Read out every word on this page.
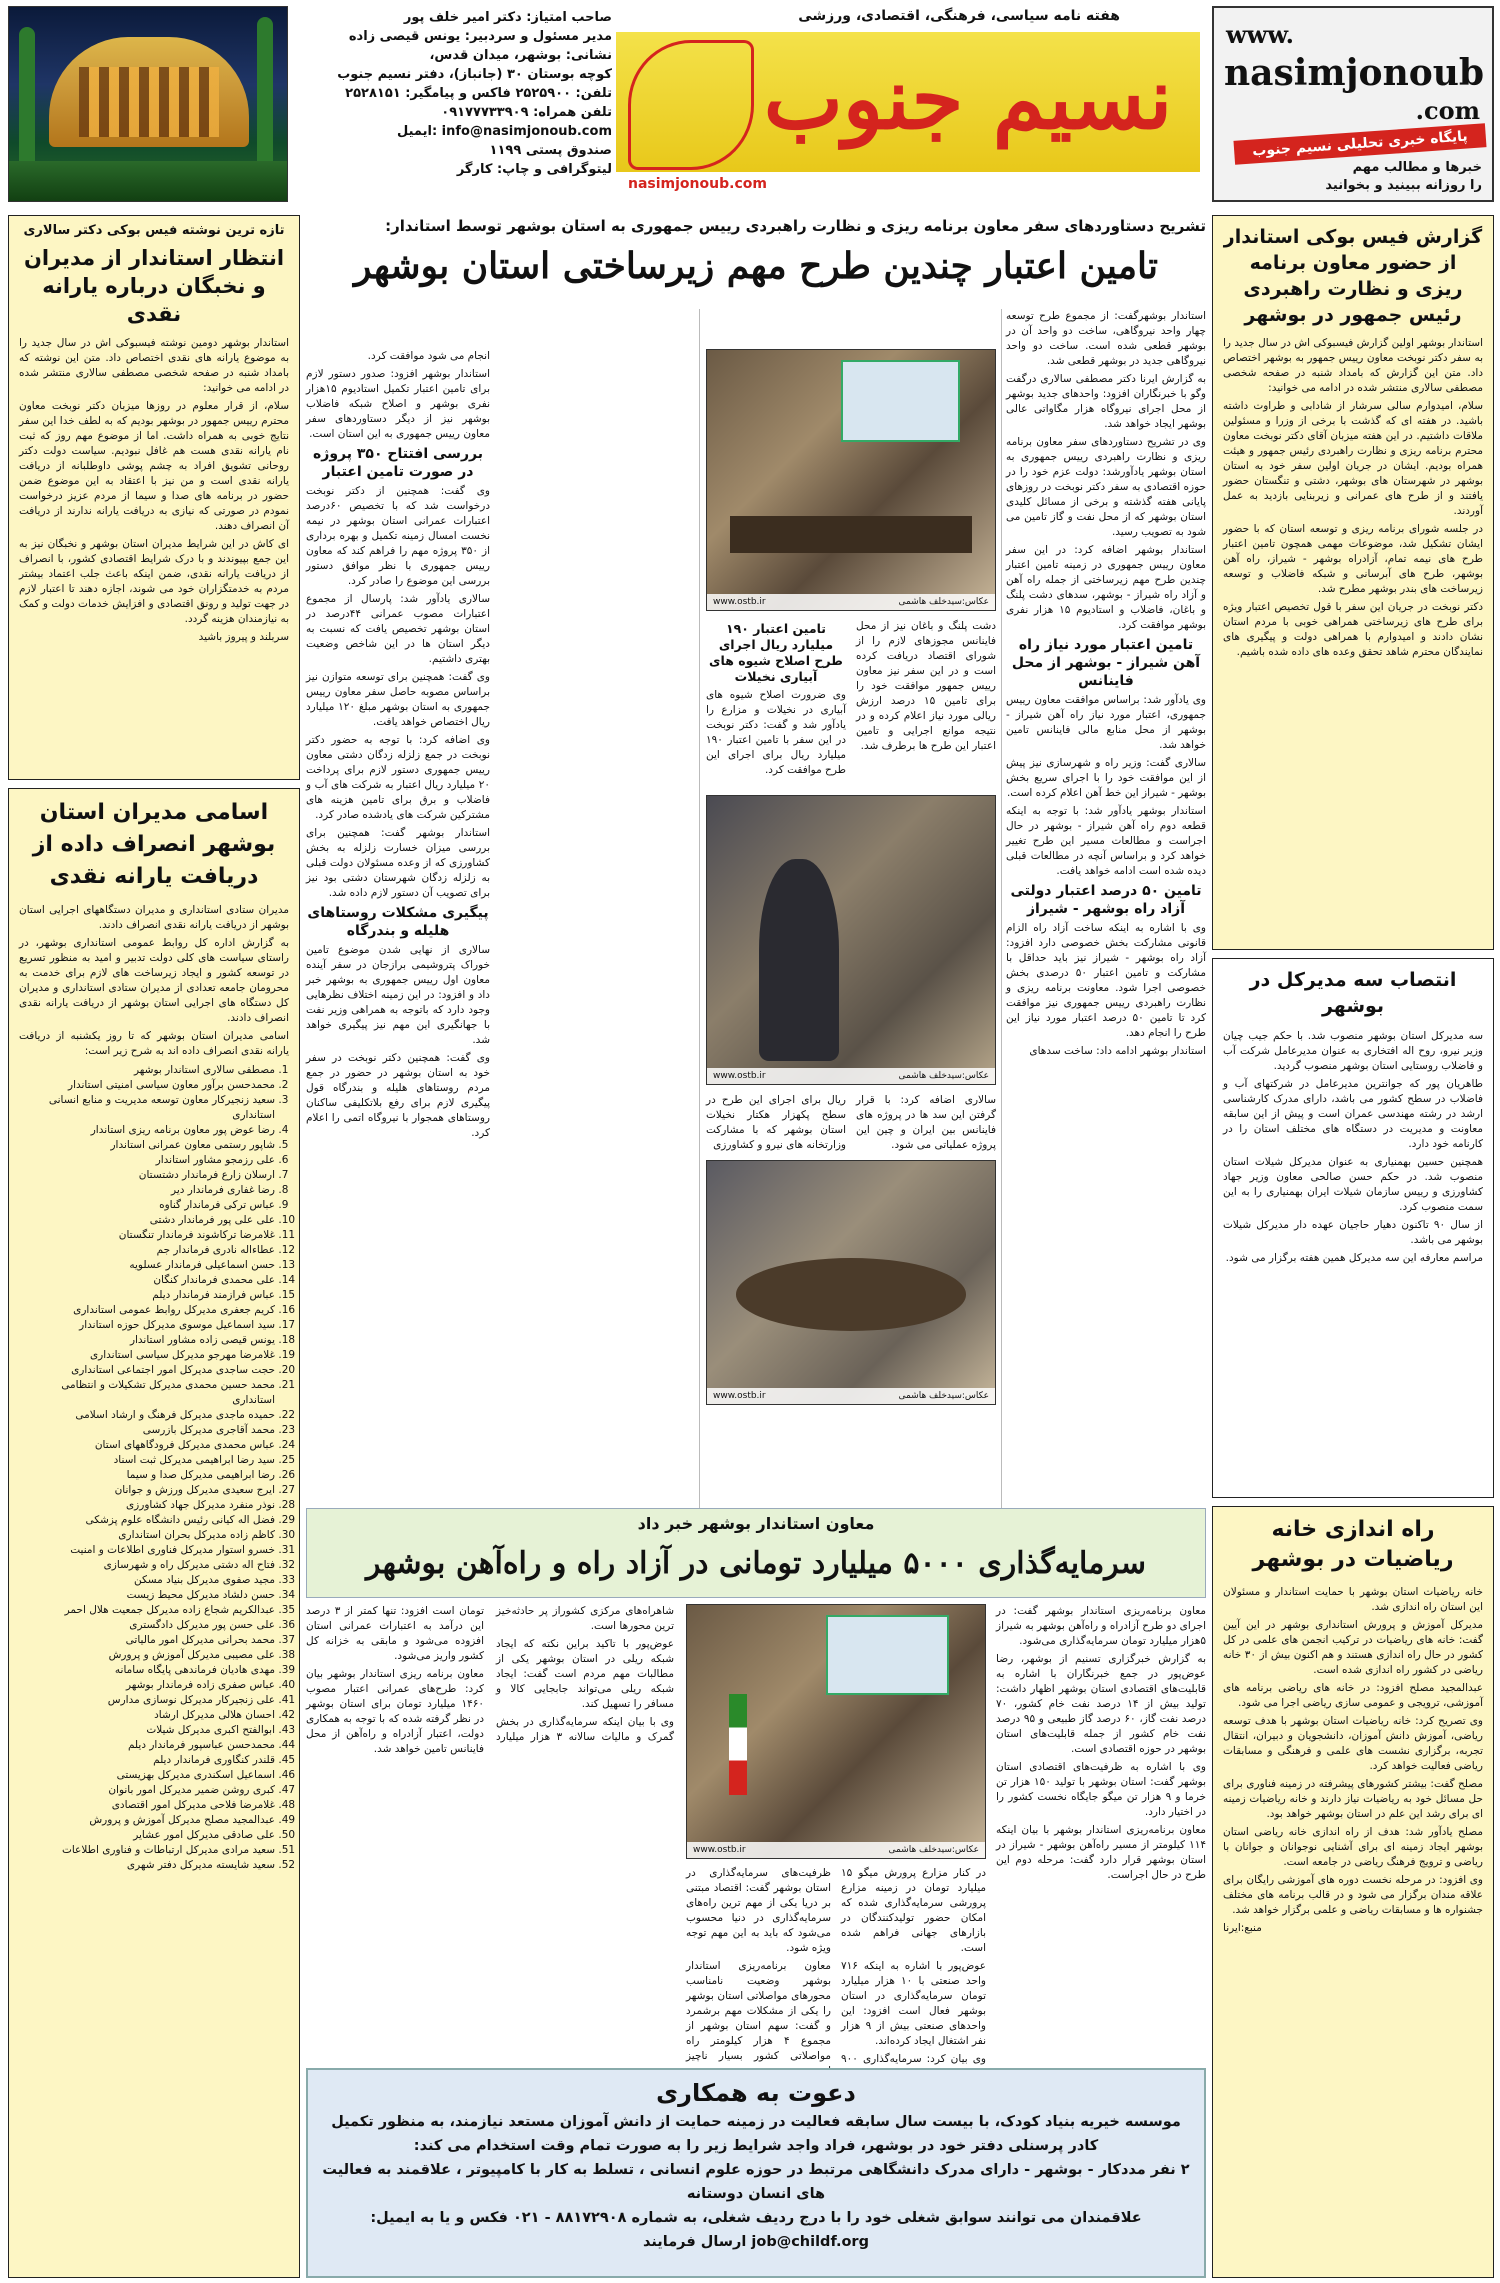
صاحب امتیاز: دکتر امیر خلف پور
مدیر مسئول و سردبیر: یونس قیصی زاده
نشانی: بوشهر، میدان قدس،
کوچه بوستان ۳۰ (جانباز)، دفتر نسیم جنوب
تلفن: ۲۵۲۵۹۰۰ فاکس و پیامگیر: ۲۵۲۸۱۵۱
تلفن همراه: ۰۹۱۷۷۷۳۳۹۰۹
info@nasimjonoub.com :ایمیل
صندوق پستی ۱۱۹۹
لیتوگرافی و چاپ: کارگر
هفته نامه سیاسی، فرهنگی، اقتصادی، ورزشی
نسیم جنوب
nasimjonoub.com
www.
nasimjonoub
.com
پایگاه خبری تحلیلی نسیم جنوب
خبرها و مطالب مهم
را روزانه ببینید و بخوانید
گزارش فیس بوکی استاندار از حضور معاون برنامه ریزی و نظارت راهبردی رئیس جمهور در بوشهر

استاندار بوشهر اولین گزارش فیسبوکی اش در سال جدید را به سفر دکتر نوبخت معاون رییس جمهور به بوشهر اختصاص داد. متن این گزارش که بامداد شنبه در صفحه شخصی مصطفی سالاری منتشر شده در ادامه می خوانید:

سلام، امیدوارم سالی سرشار از شادابی و طراوت داشته باشید. در هفته ای که گذشت با برخی از وزرا و مسئولین ملاقات داشتیم. در این هفته میزبان آقای دکتر نوبخت معاون محترم برنامه ریزی و نظارت راهبردی رئیس جمهور و هیئت همراه بودیم. ایشان در جریان اولین سفر خود به استان بوشهر در شهرستان های بوشهر، دشتی و تنگستان حضور یافتند و از طرح های عمرانی و زیربنایی بازدید به عمل آوردند.

در جلسه شورای برنامه ریزی و توسعه استان که با حضور ایشان تشکیل شد، موضوعات مهمی همچون تامین اعتبار طرح های نیمه تمام، آزادراه بوشهر - شیراز، راه آهن بوشهر، طرح های آبرسانی و شبکه فاضلاب و توسعه زیرساخت های بندر بوشهر مطرح شد.

دکتر نوبخت در جریان این سفر با قول تخصیص اعتبار ویژه برای طرح های زیرساختی همراهی خوبی با مردم استان نشان دادند و امیدوارم با همراهی دولت و پیگیری های نمایندگان محترم شاهد تحقق وعده های داده شده باشیم.

انتصاب سه مدیرکل در بوشهر

سه مدیرکل استان بوشهر منصوب شد. با حکم جیب چیان وزیر نیرو، روح اله افتخاری به عنوان مدیرعامل شرکت آب و فاضلاب روستایی استان بوشهر منصوب گردید.

طاهریان پور که جوانترین مدیرعامل در شرکتهای آب و فاضلاب در سطح کشور می باشد، دارای مدرک کارشناسی ارشد در رشته مهندسی عمران است و پیش از این سابقه معاونت و مدیریت در دستگاه های مختلف استان را در کارنامه خود دارد.

همچنین حسین بهمنیاری به عنوان مدیرکل شیلات استان منصوب شد. در حکم حسن صالحی معاون وزیر جهاد کشاورزی و رییس سازمان شیلات ایران بهمنیاری را به این سمت منصوب کرد.

از سال ۹۰ تاکنون دهیار حاجیان عهده دار مدیرکل شیلات بوشهر می باشد.

مراسم معارفه این سه مدیرکل همین هفته برگزار می شود.

راه اندازی خانه ریاضیات در بوشهر

خانه ریاضیات استان بوشهر با حمایت استاندار و مسئولان این استان راه اندازی شد.

مدیرکل آموزش و پرورش استانداری بوشهر در این آیین گفت: خانه های ریاضیات در ترکیب انجمن های علمی در کل کشور در حال راه اندازی هستند و هم اکنون بیش از ۳۰ خانه ریاضی در کشور راه اندازی شده است.

عبدالمجید مصلح افزود: در خانه های ریاضی برنامه های آموزشی، ترویجی و عمومی سازی ریاضی اجرا می شود.

وی تصریح کرد: خانه ریاضیات استان بوشهر با هدف توسعه ریاضی، آموزش دانش آموزان، دانشجویان و دبیران، انتقال تجربه، برگزاری نشست های علمی و فرهنگی و مسابقات ریاضی فعالیت خواهد کرد.

مصلح گفت: بیشتر کشورهای پیشرفته در زمینه فناوری برای حل مسائل خود به ریاضیات نیاز دارند و خانه ریاضیات زمینه ای برای رشد این علم در استان بوشهر خواهد بود.

مصلح یادآور شد: هدف از راه اندازی خانه ریاضی استان بوشهر ایجاد زمینه ای برای آشنایی نوجوانان و جوانان با ریاضی و ترویج فرهنگ ریاضی در جامعه است.

وی افزود: در مرحله نخست دوره های آموزشی رایگان برای علاقه مندان برگزار می شود و در قالب برنامه های مختلف جشنواره ها و مسابقات ریاضی و علمی برگزار خواهد شد.

منبع:ایرنا

تازه ترین نوشته فیس بوکی دکتر سالاری
انتظار استاندار از مدیران و نخبگان درباره یارانه نقدی

استاندار بوشهر دومین نوشته فیسبوکی اش در سال جدید را به موضوع یارانه های نقدی اختصاص داد. متن این نوشته که بامداد شنبه در صفحه شخصی مصطفی سالاری منتشر شده در ادامه می خوانید:

سلام، از قرار معلوم در روزها میزبان دکتر نوبخت معاون محترم رییس جمهور در بوشهر بودیم که به لطف خدا این سفر نتایج خوبی به همراه داشت. اما از موضوع مهم روز که ثبت نام یارانه نقدی هست هم غافل نبودیم. سیاست دولت دکتر روحانی تشویق افراد به چشم پوشی داوطلبانه از دریافت یارانه نقدی است و من نیز با اعتقاد به این موضوع ضمن حضور در برنامه های صدا و سیما از مردم عزیز درخواست نمودم در صورتی که نیازی به دریافت یارانه ندارند از دریافت آن انصراف دهند.

ای کاش در این شرایط مدیران استان بوشهر و نخبگان نیز به این جمع بپیوندند و با درک شرایط اقتصادی کشور، با انصراف از دریافت یارانه نقدی، ضمن اینکه باعث جلب اعتماد بیشتر مردم به خدمتگزاران خود می شوند، اجازه دهند تا اعتبار لازم در جهت تولید و رونق اقتصادی و افزایش خدمات دولت و کمک به نیازمندان هزینه گردد.

سربلند و پیروز باشید

اسامی مدیران استان بوشهر انصراف داده از دریافت یارانه نقدی

مدیران ستادی استانداری و مدیران دستگاههای اجرایی استان بوشهر از دریافت یارانه نقدی انصراف دادند.

به گزارش اداره کل روابط عمومی استانداری بوشهر، در راستای سیاست های کلی دولت تدبیر و امید به منظور تسریع در توسعه کشور و ایجاد زیرساخت های لازم برای خدمت به محرومان جامعه تعدادی از مدیران ستادی استانداری و مدیران کل دستگاه های اجرایی استان بوشهر از دریافت یارانه نقدی انصراف دادند.

اسامی مدیران استان بوشهر که تا روز یکشنبه از دریافت یارانه نقدی انصراف داده اند به شرح زیر است:

1. مصطفی سالاری استاندار بوشهر
2. محمدحسن برآور معاون سیاسی امنیتی استاندار
3. سعید زنجیرکار معاون توسعه مدیریت و منابع انسانی استانداری
4. رضا عوض پور معاون برنامه ریزی استاندار
5. شاپور رستمی معاون عمرانی استاندار
6. علی رزمجو مشاور استاندار
7. ارسلان زارع فرماندار دشتستان
8. رضا غفاری فرماندار دیر
9. عباس ترکی فرماندار گناوه
10. علی علی پور فرماندار دشتی
11. غلامرضا ترکاشوند فرماندار تنگستان
12. عطاءاله نادری فرماندار جم
13. حسن اسماعیلی فرماندار عسلویه
14. علی محمدی فرماندار کنگان
15. عباس فرازمند فرماندار دیلم
16. کریم جعفری مدیرکل روابط عمومی استانداری
17. سید اسماعیل موسوی مدیرکل حوزه استاندار
18. یونس قیصی زاده مشاور استاندار
19. غلامرضا مهرجو مدیرکل سیاسی استانداری
20. حجت ساجدی مدیرکل امور اجتماعی استانداری
21. محمد حسین محمدی مدیرکل تشکیلات و انتظامی استانداری
22. حمیده ماجدی مدیرکل فرهنگ و ارشاد اسلامی
23. محمد آقاجری مدیرکل بازرسی
24. عباس محمدی مدیرکل فرودگاههای استان
25. سید رضا ابراهیمی مدیرکل ثبت اسناد
26. رضا ابراهیمی مدیرکل صدا و سیما
27. ایرج سعیدی مدیرکل ورزش و جوانان
28. نوذر منفرد مدیرکل جهاد کشاورزی
29. فضل اله کیانی رئیس دانشگاه علوم پزشکی
30. کاظم زاده مدیرکل بحران استانداری
31. خسرو استوار مدیرکل فناوری اطلاعات و امنیت
32. فتاح اله دشتی مدیرکل راه و شهرسازی
33. مجید صفوی مدیرکل بنیاد مسکن
34. حسن دلشاد مدیرکل محیط زیست
35. عبدالکریم شجاع زاده مدیرکل جمعیت هلال احمر
36. علی حسن پور مدیرکل دادگستری
37. محمد بحرانی مدیرکل امور مالیاتی
38. علی مصیبی مدیرکل آموزش و پرورش
39. مهدی هادیان فرماندهی پایگاه سامانه
40. عباس صفری زاده فرماندار بوشهر
41. علی زنجیرکار مدیرکل نوسازی مدارس
42. احسان هلالی مدیرکل ارشاد
43. ابوالفتح اکبری مدیرکل شیلات
44. محمدحسن عباسپور فرماندار دیلم
45. قلندر کنگاوری فرماندار دیلم
46. اسماعیل اسکندری مدیرکل بهزیستی
47. کبری روشن ضمیر مدیرکل امور بانوان
48. غلامرضا فلاحی مدیرکل امور اقتصادی
49. عبدالمجید مصلح مدیرکل آموزش و پرورش
50. علی صادقی مدیرکل امور عشایر
51. سعید مرادی مدیرکل ارتباطات و فناوری اطلاعات
52. سعید شایسته مدیرکل دفتر شهری
تشریح دستاوردهای سفر معاون برنامه ریزی و نظارت راهبردی رییس جمهوری به استان بوشهر توسط استاندار:
تامین اعتبار چندین طرح مهم زیرساختی استان بوشهر

استاندار بوشهرگفت: از مجموع طرح توسعه چهار واحد نیروگاهی، ساخت دو واحد آن در بوشهر قطعی شده است. ساخت دو واحد نیروگاهی جدید در بوشهر قطعی شد.

به گزارش ایرنا دکتر مصطفی سالاری درگفت وگو با خبرنگاران افزود: واحدهای جدید بوشهر از محل اجرای نیروگاه هزار مگاواتی عالی بوشهر ایجاد خواهد شد.

وی در تشریح دستاوردهای سفر معاون برنامه ریزی و نظارت راهبردی رییس جمهوری به استان بوشهر یادآورشد: دولت عزم خود را در حوزه اقتصادی به سفر دکتر نوبخت در روزهای پایانی هفته گذشته و برخی از مسائل کلیدی استان بوشهر که از محل نفت و گاز تامین می شود به تصویب رسید.

استاندار بوشهر اضافه کرد: در این سفر معاون رییس جمهوری در زمینه تامین اعتبار چندین طرح مهم زیرساختی از جمله راه آهن و آزاد راه شیراز - بوشهر، سدهای دشت پلنگ و باغان، فاضلاب و استادیوم ۱۵ هزار نفری بوشهر موافقت کرد.

تامین اعتبار مورد نیاز راه آهن شیراز - بوشهر از محل فاینانس

وی یادآور شد: براساس موافقت معاون رییس جمهوری، اعتبار مورد نیاز راه آهن شیراز - بوشهر از محل منابع مالی فاینانس تامین خواهد شد.

سالاری گفت: وزیر راه و شهرسازی نیز پیش از این موافقت خود را با اجرای سریع بخش بوشهر - شیراز این خط آهن اعلام کرده است.

استاندار بوشهر یادآور شد: با توجه به اینکه قطعه دوم راه آهن شیراز - بوشهر در حال اجراست و مطالعات مسیر این طرح تغییر خواهد کرد و براساس آنچه در مطالعات قبلی دیده شده است ادامه خواهد یافت.

تامین ۵۰ درصد اعتبار دولتی آزاد راه بوشهر - شیراز

وی با اشاره به اینکه ساخت آزاد راه الزام قانونی مشارکت بخش خصوصی دارد افزود: آزاد راه بوشهر - شیراز نیز باید حداقل با مشارکت و تامین اعتبار ۵۰ درصدی بخش خصوصی اجرا شود. معاونت برنامه ریزی و نظارت راهبردی رییس جمهوری نیز موافقت کرد تا تامین ۵۰ درصد اعتبار مورد نیاز این طرح را انجام دهد.

استاندار بوشهر ادامه داد: ساخت سدهای

عکاس:سیدخلف هاشمی
www.ostb.ir

دشت پلنگ و باغان نیز از محل فاینانس مجوزهای لازم را از شورای اقتصاد دریافت کرده است و در این سفر نیز معاون رییس جمهور موافقت خود را برای تامین ۱۵ درصد ارزش ریالی مورد نیاز اعلام کرده و در نتیجه موانع اجرایی و تامین اعتبار این طرح ها برطرف شد.

تامین اعتبار ۱۹۰ میلیارد ریال اجرای طرح اصلاح شیوه های آبیاری نخیلات

وی ضرورت اصلاح شیوه های آبیاری در نخیلات و مزارع را یادآور شد و گفت: دکتر نوبخت در این سفر با تامین اعتبار ۱۹۰ میلیارد ریال برای اجرای این طرح موافقت کرد.

عکاس:سیدخلف هاشمی
www.ostb.ir

سالاری اضافه کرد: با قرار گرفتن این سد ها در پروژه های فاینانس بین ایران و چین این پروژه عملیاتی می شود.

ریال برای اجرای این طرح در سطح پکهزار هکتار نخیلات استان بوشهر که با مشارکت وزارتخانه های نیرو و کشاورزی

عکاس:سیدخلف هاشمی
www.ostb.ir

انجام می شود موافقت کرد.

استاندار بوشهر افزود: صدور دستور لازم برای تامین اعتبار تکمیل استادیوم ۱۵هزار نفری بوشهر و اصلاح شبکه فاضلاب بوشهر نیز از دیگر دستاوردهای سفر معاون رییس جمهوری به این استان است.

بررسی افتتاح ۳۵۰ پروژه در صورت تامین اعتبار

وی گفت: همچنین از دکتر نوبخت درخواست شد که با تخصیص ۶۰درصد اعتبارات عمرانی استان بوشهر در نیمه نخست امسال زمینه تکمیل و بهره برداری از ۳۵۰ پروژه مهم را فراهم کند که معاون رییس جمهوری با نظر موافق دستور بررسی این موضوع را صادر کرد.

سالاری یادآور شد: پارسال از مجموع اعتبارات مصوب عمرانی ۴۴درصد در استان بوشهر تخصیص یافت که نسبت به دیگر استان ها در این شاخص وضعیت بهتری داشتیم.

وی گفت: همچنین برای توسعه متوازن نیز براساس مصوبه حاصل سفر معاون رییس جمهوری به استان بوشهر مبلغ ۱۲۰ میلیارد ریال اختصاص خواهد یافت.

وی اضافه کرد: با توجه به حضور دکتر نوبخت در جمع زلزله زدگان دشتی معاون رییس جمهوری دستور لازم برای پرداخت ۲۰ میلیارد ریال اعتبار به شرکت های آب و فاضلاب و برق برای تامین هزینه های مشترکین شرکت های یادشده صادر کرد.

استاندار بوشهر گفت: همچنین برای بررسی میزان خسارت زلزله به بخش کشاورزی که از وعده مسئولان دولت قبلی به زلزله زدگان شهرستان دشتی بود نیز برای تصویب آن دستور لازم داده شد.

پیگیری مشکلات روستاهای هلیله و بندرگاه

سالاری از نهایی شدن موضوع تامین خوراک پتروشیمی برازجان در سفر آینده معاون اول رییس جمهوری به بوشهر خبر داد و افزود: در این زمینه اختلاف نظرهایی وجود دارد که باتوجه به همراهی وزیر نفت با جهانگیری این مهم نیز پیگیری خواهد شد.

وی گفت: همچنین دکتر نوبخت در سفر خود به استان بوشهر در حضور در جمع مردم روستاهای هلیله و بندرگاه قول پیگیری لازم برای رفع بلاتکلیفی ساکنان روستاهای همجوار با نیروگاه اتمی را اعلام کرد.

معاون استاندار بوشهر خبر داد
سرمایه‌گذاری ۵۰۰۰ میلیارد تومانی در آزاد راه و راه‌آهن بوشهر

معاون برنامه‌ریزی استاندار بوشهر گفت: در اجرای دو طرح آزادراه و راه‌آهن بوشهر به شیراز ۵هزار میلیارد تومان سرمایه‌گذاری می‌شود.

به گزارش خبرگزاری تسنیم از بوشهر، رضا عوض‌پور در جمع خبرنگاران با اشاره به قابلیت‌های اقتصادی استان بوشهر اظهار داشت: تولید بیش از ۱۴ درصد نفت خام کشور، ۷۰ درصد نفت گاز، ۶۰ درصد گاز طبیعی و ۹۵ درصد نفت خام کشور از جمله قابلیت‌های استان بوشهر در حوزه اقتصادی است.

وی با اشاره به ظرفیت‌های اقتصادی استان بوشهر گفت: استان بوشهر با تولید ۱۵۰ هزار تن خرما و ۹ هزار تن میگو جایگاه نخست کشور را در اختیار دارد.

معاون برنامه‌ریزی استاندار بوشهر با بیان اینکه ۱۱۴ کیلومتر از مسیر راه‌آهن بوشهر - شیراز در استان بوشهر قرار دارد گفت: مرحله دوم این طرح در حال اجراست.

عکاس:سیدخلف هاشمی
www.ostb.ir

در کنار مزارع پرورش میگو ۱۵ میلیارد تومان در زمینه مزارع پرورشی سرمایه‌گذاری شده که امکان حضور تولیدکنندگان در بازارهای جهانی فراهم شده است.

عوض‌پور با اشاره به اینکه ۷۱۶ واحد صنعتی با ۱۰ هزار میلیارد تومان سرمایه‌گذاری در استان بوشهر فعال است افزود: این واحدهای صنعتی بیش از ۹ هزار نفر اشتغال ایجاد کرده‌اند.

وی بیان کرد: سرمایه‌گذاری ۹۰۰

ظرفیت‌های سرمایه‌گذاری در استان بوشهر گفت: اقتصاد مبتنی بر دریا یکی از مهم ترین راه‌های سرمایه‌گذاری در دنیا محسوب می‌شود که باید به این مهم توجه ویژه شود.

معاون برنامه‌ریزی استاندار بوشهر وضعیت نامناسب محورهای مواصلاتی استان بوشهر را یکی از مشکلات مهم برشمرد و گفت: سهم استان بوشهر از مجموع ۴ هزار کیلومتر راه مواصلاتی کشور بسیار ناچیز

شاهراه‌های مرکزی کشوراز پر حادثه‌خیز ترین محورها است.

عوض‌پور با تاکید براین نکته که ایجاد شبکه ریلی در استان بوشهر یکی از مطالبات مهم مردم است گفت: ایجاد شبکه ریلی می‌تواند جابجایی کالا و مسافر را تسهیل کند.

وی با بیان اینکه سرمایه‌گذاری در بخش گمرک و مالیات سالانه ۳ هزار میلیارد تومان است افزود: تنها کمتر از ۳ درصد این درآمد به اعتبارات عمرانی استان افزوده می‌شود و مابقی به خزانه کل کشور واریز می‌شود.

معاون برنامه ریزی استاندار بوشهر بیان کرد: طرح‌های عمرانی اعتبار مصوب ۱۴۶۰ میلیارد تومان برای استان بوشهر در نظر گرفته شده که با توجه به همکاری دولت، اعتبار آزادراه و راه‌آهن از محل فاینانس تامین خواهد شد.

دعوت به همکاری
موسسه خیریه بنیاد کودک، با بیست سال سابقه فعالیت در زمینه حمایت از دانش آموزان مستعد نیازمند، به منظور تکمیل کادر پرسنلی دفتر خود در بوشهر، فراد واجد شرایط زیر را به صورت تمام وقت استخدام می کند:
۲ نفر مددکار - بوشهر - دارای مدرک دانشگاهی مرتبط در حوزه علوم انسانی ، تسلط به کار با کامپیوتر ، علاقمند به فعالیت های انسان دوستانه
علاقمندان می توانند سوابق شغلی خود را با درج ردیف شغلی، به شماره ۸۸۱۷۲۹۰۸ - ۰۲۱ فکس و یا به ایمیل:
job@childf.org ارسال فرمایند
